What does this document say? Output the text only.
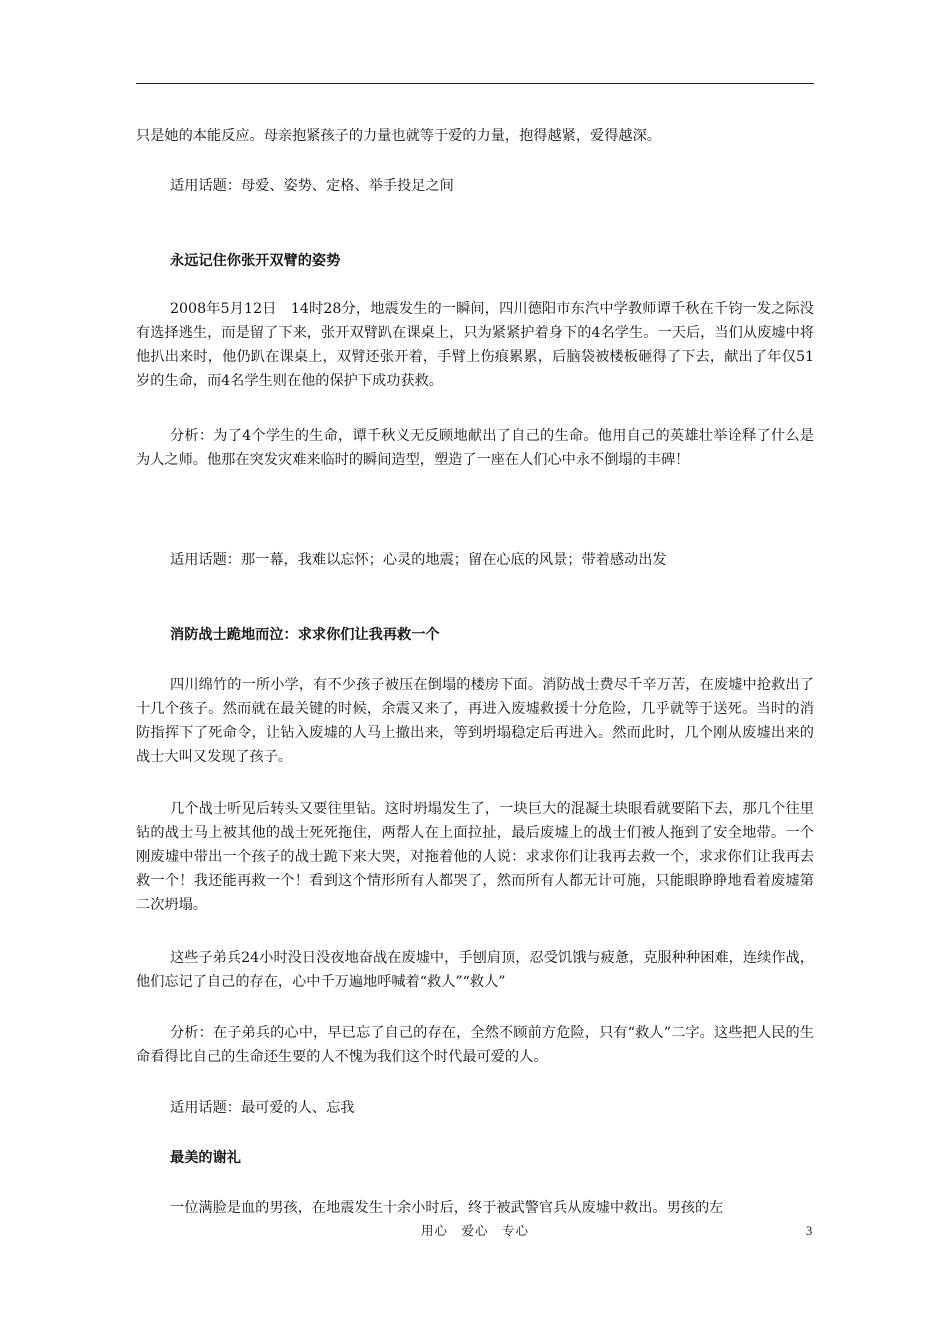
只是她的本能反应。母亲抱紧孩子的力量也就等于爱的力量，抱得越紧，爱得越深。

适用话题：母爱、姿势、定格、举手投足之间

永远记住你张开双臂的姿势

2008年5月12日　14时28分，地震发生的一瞬间，四川德阳市东汽中学教师谭千秋在千钧一发之际没有选择逃生，而是留了下来，张开双臂趴在课桌上，只为紧紧护着身下的4名学生。一天后，当们从废墟中将他扒出来时，他仍趴在课桌上，双臂还张开着，手臂上伤痕累累，后脑袋被楼板砸得了下去，献出了年仅51岁的生命，而4名学生则在他的保护下成功获救。

分析：为了4个学生的生命，谭千秋义无反顾地献出了自己的生命。他用自己的英雄壮举诠释了什么是为人之师。他那在突发灾难来临时的瞬间造型，塑造了一座在人们心中永不倒塌的丰碑！

适用话题：那一幕，我难以忘怀；心灵的地震；留在心底的风景；带着感动出发

消防战士跪地而泣：求求你们让我再救一个

四川绵竹的一所小学，有不少孩子被压在倒塌的楼房下面。消防战士费尽千辛万苦，在废墟中抢救出了十几个孩子。然而就在最关键的时候，余震又来了，再进入废墟救援十分危险，几乎就等于送死。当时的消防指挥下了死命令，让钻入废墟的人马上撤出来，等到坍塌稳定后再进入。然而此时，几个刚从废墟出来的战士大叫又发现了孩子。

几个战士听见后转头又要往里钻。这时坍塌发生了，一块巨大的混凝土块眼看就要陷下去，那几个往里钻的战士马上被其他的战士死死拖住，两帮人在上面拉扯，最后废墟上的战士们被人拖到了安全地带。一个刚废墟中带出一个孩子的战士跪下来大哭，对拖着他的人说：求求你们让我再去救一个，求求你们让我再去救一个！我还能再救一个！看到这个情形所有人都哭了，然而所有人都无计可施，只能眼睁睁地看着废墟第二次坍塌。

这些子弟兵24小时没日没夜地奋战在废墟中，手刨肩顶，忍受饥饿与疲惫，克服种种困难，连续作战，他们忘记了自己的存在，心中千万遍地呼喊着“救人”“救人”

分析：在子弟兵的心中，早已忘了自己的存在，全然不顾前方危险，只有“救人”二字。这些把人民的生命看得比自己的生命还生要的人不愧为我们这个时代最可爱的人。

适用话题：最可爱的人、忘我

最美的谢礼

一位满脸是血的男孩，在地震发生十余小时后，终于被武警官兵从废墟中救出。男孩的左

用心　爱心　专心	3
